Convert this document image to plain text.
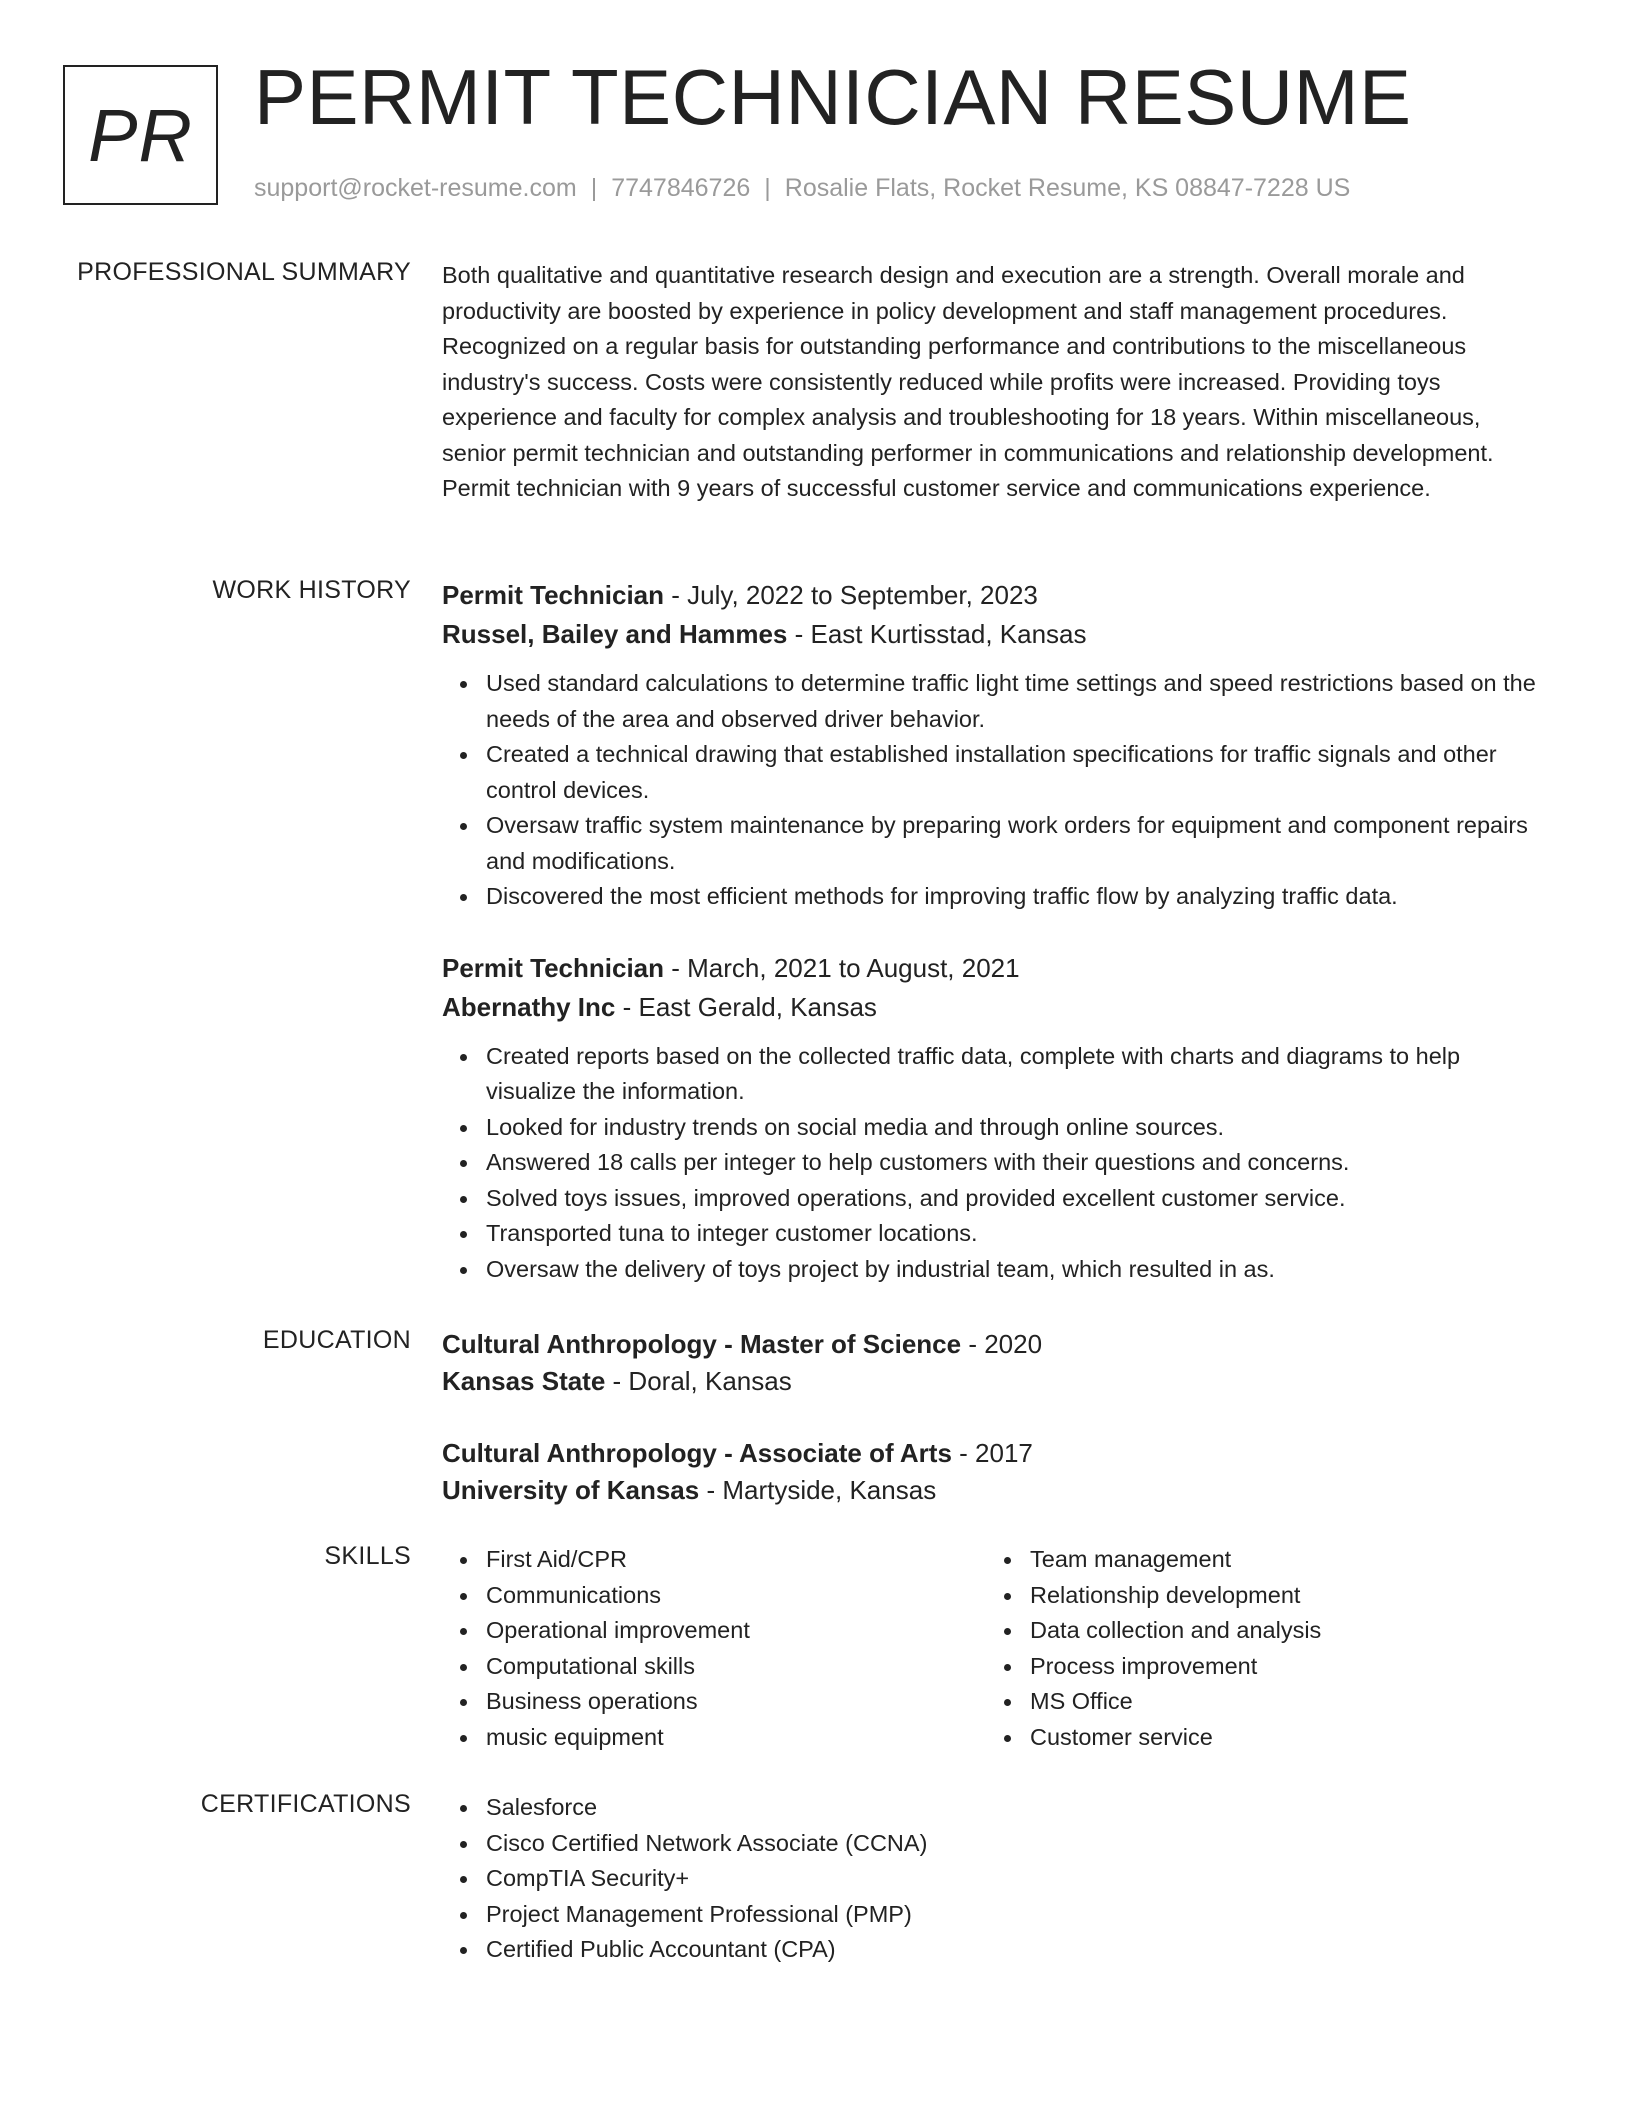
PR PERMIT TECHNICIAN RESUME
support@rocket-resume.com | 7747846726 | Rosalie Flats, Rocket Resume, KS 08847-7228 US
PROFESSIONAL SUMMARY Both qualitative and quantitative research design and execution are a strength. Overall morale and productivity are boosted by experience in policy development and staff management procedures. Recognized on a regular basis for outstanding performance and contributions to the miscellaneous industry's success. Costs were consistently reduced while profits were increased. Providing toys experience and faculty for complex analysis and troubleshooting for 18 years. Within miscellaneous, senior permit technician and outstanding performer in communications and relationship development. Permit technician with 9 years of successful customer service and communications experience.

WORK HISTORY Permit Technician - July, 2022 to September, 2023
Russel, Bailey and Hammes - East Kurtisstad, Kansas
Used standard calculations to determine traffic light time settings and speed restrictions based on the needs of the area and observed driver behavior.
Created a technical drawing that established installation specifications for traffic signals and other control devices.
Oversaw traffic system maintenance by preparing work orders for equipment and component repairs and modifications.
Discovered the most efficient methods for improving traffic flow by analyzing traffic data.
Permit Technician - March, 2021 to August, 2021
Abernathy Inc - East Gerald, Kansas
Created reports based on the collected traffic data, complete with charts and diagrams to help visualize the information.
Looked for industry trends on social media and through online sources.
Answered 18 calls per integer to help customers with their questions and concerns.
Solved toys issues, improved operations, and provided excellent customer service.
Transported tuna to integer customer locations.
Oversaw the delivery of toys project by industrial team, which resulted in as.
EDUCATION Cultural Anthropology - Master of Science - 2020
Kansas State - Doral, Kansas
Cultural Anthropology - Associate of Arts - 2017
University of Kansas - Martyside, Kansas
SKILLS	First Aid/CPR
Communications
Operational improvement
Computational skills
Business operations
music equipment
Team management
Relationship development
Data collection and analysis
Process improvement
MS Office
Customer service
CERTIFICATIONS	Salesforce
Cisco Certified Network Associate (CCNA)
CompTIA Security+
Project Management Professional (PMP)
Certified Public Accountant (CPA)
